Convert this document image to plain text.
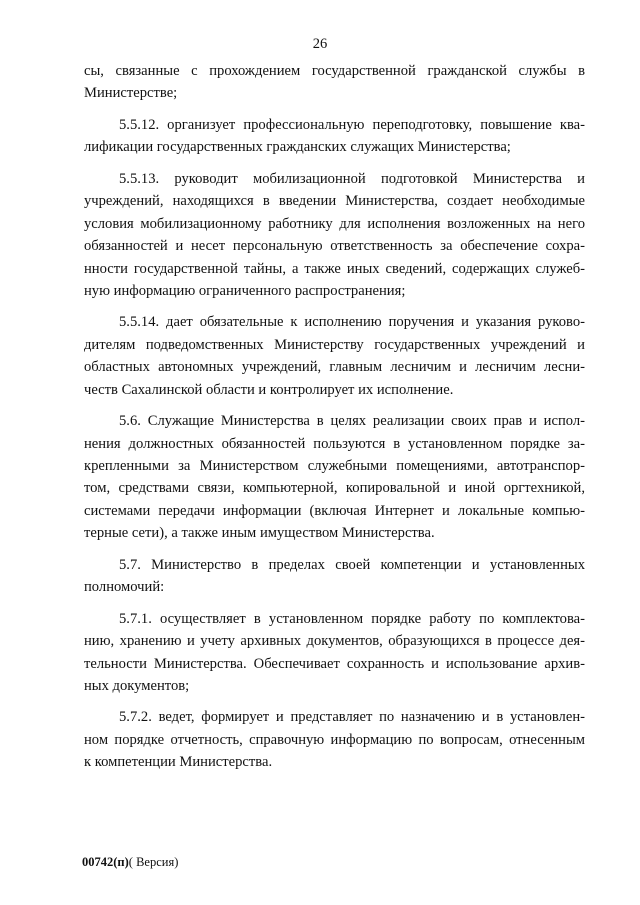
26
сы, связанные с прохождением государственной гражданской службы в
Министерстве;
5.5.12. организует профессиональную переподготовку, повышение ква-
лификации государственных гражданских служащих Министерства;
5.5.13. руководит мобилизационной подготовкой Министерства и
учреждений, находящихся в введении Министерства, создает необходимые
условия мобилизационному работнику для исполнения возложенных на него
обязанностей и несет персональную ответственность за обеспечение сохра-
нности государственной тайны, а также иных сведений, содержащих служеб-
ную информацию ограниченного распространения;
5.5.14. дает обязательные к исполнению поручения и указания руково-
дителям подведомственных Министерству государственных учреждений и
областных автономных учреждений, главным лесничим и лесничим лесни-
честв Сахалинской области и контролирует их исполнение.
5.6. Служащие Министерства в целях реализации своих прав и испол-
нения должностных обязанностей пользуются в установленном порядке за-
крепленными за Министерством служебными помещениями, автотранспор-
том, средствами связи, компьютерной, копировальной и иной оргтехникой,
системами передачи информации (включая Интернет и локальные компью-
терные сети), а также иным имуществом Министерства.
5.7. Министерство в пределах своей компетенции и установленных
полномочий:
5.7.1. осуществляет в установленном порядке работу по комплектова-
нию, хранению и учету архивных документов, образующихся в процессе дея-
тельности Министерства. Обеспечивает сохранность и использование архив-
ных документов;
5.7.2. ведет, формирует и представляет по назначению и в установлен-
ном порядке отчетность, справочную информацию по вопросам, отнесенным
к компетенции Министерства.
00742(п)( Версия)
